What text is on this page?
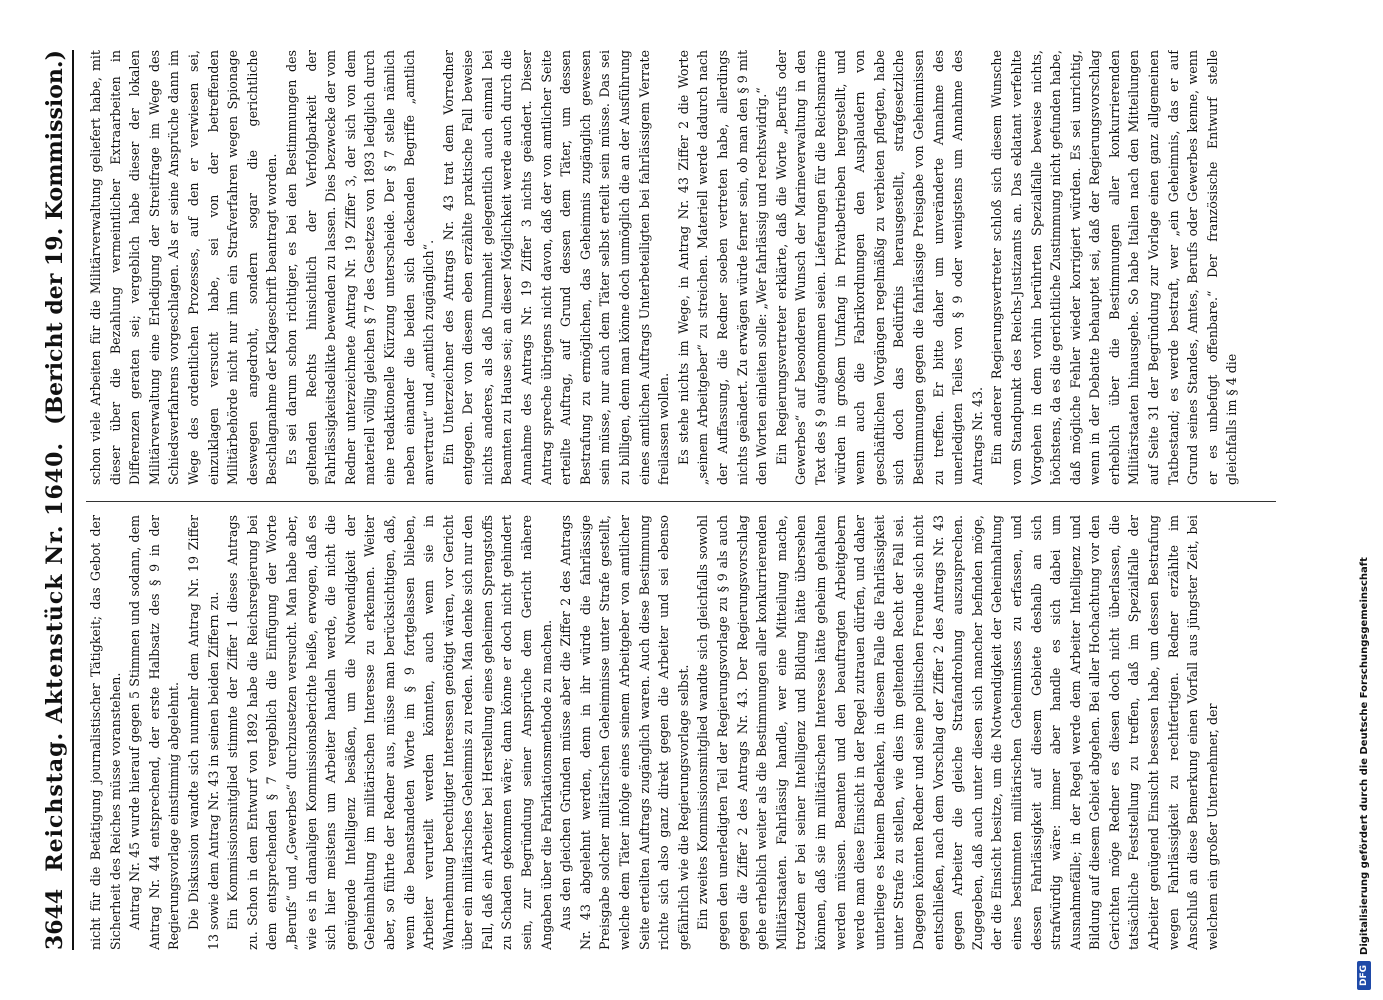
3644
Reichstag. Aktenstück Nr. 1640.
(Bericht der 19. Kommission.)

nicht für die Betätigung journalistischer Tätigkeit; das Gebot der Sicherheit des Reiches müsse voranstehen. Antrag Nr. 45 wurde hierauf gegen 5 Stimmen und sodann, dem Antrag Nr. 44 entsprechend, der erste Halbsatz des § 9 in der Regierungsvorlage einstimmig abgelehnt. Die Diskussion wandte sich nunmehr dem Antrag Nr. 19 Ziffer 13 sowie dem Antrag Nr. 43 in seinen beiden Ziffern zu. Ein Kommissionsmitglied stimmte der Ziffer 1 dieses Antrags zu. Schon in dem Entwurf von 1892 habe die Reichsregierung bei dem entsprechenden § 7 vergeblich die Einfügung der Worte „Berufs“ und „Gewerbes“ durchzusetzen versucht. Man habe aber, wie es in damaligen Kommissionsberichte heiße, erwogen, daß es sich hier meistens um Arbeiter handeln werde, die nicht die genügende Intelligenz besäßen, um die Notwendigkeit der Geheimhaltung im militärischen Interesse zu erkennen. Weiter aber, so führte der Redner aus, müsse man berücksichtigen, daß, wenn die beanstandeten Worte im § 9 fortgelassen blieben, Arbeiter verurteilt werden könnten, auch wenn sie in Wahrnehmung berechtigter Interessen genötigt wären, vor Gericht über ein militärisches Geheimnis zu reden. Man denke sich nur den Fall, daß ein Arbeiter bei Herstellung eines geheimen Sprengstoffs zu Schaden gekommen wäre; dann könne er doch nicht gehindert sein, zur Begründung seiner Ansprüche dem Gericht nähere Angaben über die Fabrikationsmethode zu machen. Aus den gleichen Gründen müsse aber die Ziffer 2 des Antrags Nr. 43 abgelehnt werden, denn in ihr würde die fahrlässige Preisgabe solcher militärischen Geheimnisse unter Strafe gestellt, welche dem Täter infolge eines seinem Arbeitgeber von amtlicher Seite erteilten Auftrags zugänglich waren. Auch diese Bestimmung richte sich also ganz direkt gegen die Arbeiter und sei ebenso gefährlich wie die Regierungsvorlage selbst. Ein zweites Kommissionsmitglied wandte sich gleichfalls sowohl gegen den unerledigten Teil der Regierungsvorlage zu § 9 als auch gegen die Ziffer 2 des Antrags Nr. 43. Der Regierungsvorschlag gehe erheblich weiter als die Bestimmungen aller konkurrierenden Militärstaaten. Fahrlässig handle, wer eine Mitteilung mache, trotzdem er bei seiner Intelligenz und Bildung hätte übersehen können, daß sie im militärischen Interesse hätte geheim gehalten werden müssen. Beamten und den beauftragten Arbeitgebern werde man diese Einsicht in der Regel zutrauen dürfen, und daher unterliege es keinem Bedenken, in diesem Falle die Fahrlässigkeit unter Strafe zu stellen, wie dies im geltenden Recht der Fall sei. Dagegen könnten Redner und seine politischen Freunde sich nicht entschließen, nach dem Vorschlag der Ziffer 2 des Antrags Nr. 43 gegen Arbeiter die gleiche Strafandrohung auszusprechen. Zugegeben, daß auch unter diesen sich mancher befinden möge, der die Einsicht besitze, um die Notwendigkeit der Geheimhaltung eines bestimmten militärischen Geheimnisses zu erfassen, und dessen Fahrlässigkeit auf diesem Gebiete deshalb an sich strafwürdig wäre: immer aber handle es sich dabei um Ausnahmefälle; in der Regel werde dem Arbeiter Intelligenz und Bildung auf diesem Gebiet abgehen. Bei aller Hochachtung vor den Gerichten möge Redner es diesen doch nicht überlassen, die tatsächliche Feststellung zu treffen, daß im Spezialfalle der Arbeiter genügend Einsicht besessen habe, um dessen Bestrafung wegen Fahrlässigkeit zu rechtfertigen. Redner erzählte im Anschluß an diese Bemerkung einen Vorfall aus jüngster Zeit, bei welchem ein großer Unternehmer, der

schon viele Arbeiten für die Militärverwaltung geliefert habe, mit dieser über die Bezahlung vermeintlicher Extraarbeiten in Differenzen geraten sei; vergeblich habe dieser der lokalen Militärverwaltung eine Erledigung der Streitfrage im Wege des Schiedsverfahrens vorgeschlagen. Als er seine Ansprüche dann im Wege des ordentlichen Prozesses, auf den er verwiesen sei, einzuklagen versucht habe, sei von der betreffenden Militärbehörde nicht nur ihm ein Strafverfahren wegen Spionage deswegen angedroht, sondern sogar die gerichtliche Beschlagnahme der Klageschrift beantragt worden. Es sei darum schon richtiger, es bei den Bestimmungen des geltenden Rechts hinsichtlich der Verfolgbarkeit der Fahrlässigkeitsdelikte bewenden zu lassen. Dies bezwecke der vom Redner unterzeichnete Antrag Nr. 19 Ziffer 3, der sich von dem materiell völlig gleichen § 7 des Gesetzes von 1893 lediglich durch eine redaktionelle Kürzung unterscheide. Der § 7 stelle nämlich neben einander die beiden sich deckenden Begriffe „amtlich anvertraut“ und „amtlich zugänglich“. Ein Unterzeichner des Antrags Nr. 43 trat dem Vorredner entgegen. Der von diesem eben erzählte praktische Fall beweise nichts anderes, als daß Dummheit gelegentlich auch einmal bei Beamten zu Hause sei; an dieser Möglichkeit werde auch durch die Annahme des Antrags Nr. 19 Ziffer 3 nichts geändert. Dieser Antrag spreche übrigens nicht davon, daß der von amtlicher Seite erteilte Auftrag, auf Grund dessen dem Täter, um dessen Bestrafung zu ermöglichen, das Geheimnis zugänglich gewesen sein müsse, nur auch dem Täter selbst erteilt sein müsse. Das sei zu billigen, denn man könne doch unmöglich die an der Ausführung eines amtlichen Auftrags Unterbeteiligten bei fahrlässigem Verrate freilassen wollen. Es stehe nichts im Wege, in Antrag Nr. 43 Ziffer 2 die Worte „seinem Arbeitgeber“ zu streichen. Materiell werde dadurch nach der Auffassung, die Redner soeben vertreten habe, allerdings nichts geändert. Zu erwägen würde ferner sein, ob man den § 9 mit den Worten einleiten solle: „Wer fahrlässig und rechtswidrig.“ Ein Regierungsvertreter erklärte, daß die Worte „Berufs oder Gewerbes“ auf besonderen Wunsch der Marineverwaltung in den Text des § 9 aufgenommen seien. Lieferungen für die Reichsmarine würden in großem Umfang in Privatbetrieben hergestellt, und wenn auch die Fabrikordnungen den Ausplaudern von geschäftlichen Vorgängen regelmäßig zu verbieten pflegten, habe sich doch das Bedürfnis herausgestellt, strafgesetzliche Bestimmungen gegen die fahrlässige Preisgabe von Geheimnissen zu treffen. Er bitte daher um unveränderte Annahme des unerledigten Teiles von § 9 oder wenigstens um Annahme des Antrags Nr. 43. Ein anderer Regierungsvertreter schloß sich diesem Wunsche vom Standpunkt des Reichs-Justizamts an. Das eklatant verfehlte Vorgehen in dem vorhin berührten Spezialfalle beweise nichts, höchstens, da es die gerichtliche Zustimmung nicht gefunden habe, daß mögliche Fehler wieder korrigiert würden. Es sei unrichtig, wenn in der Debatte behauptet sei, daß der Regierungsvorschlag erheblich über die Bestimmungen aller konkurrierenden Militärstaaten hinausgehe. So habe Italien nach den Mitteilungen auf Seite 31 der Begründung zur Vorlage einen ganz allgemeinen Tatbestand; es werde bestraft, wer „ein Geheimnis, das er auf Grund seines Standes, Amtes, Berufs oder Gewerbes kenne, wenn er es unbefugt offenbare.“ Der französische Entwurf stelle gleichfalls im § 4 die

DFG
Digitalisierung gefördert durch die Deutsche Forschungsgemeinschaft
